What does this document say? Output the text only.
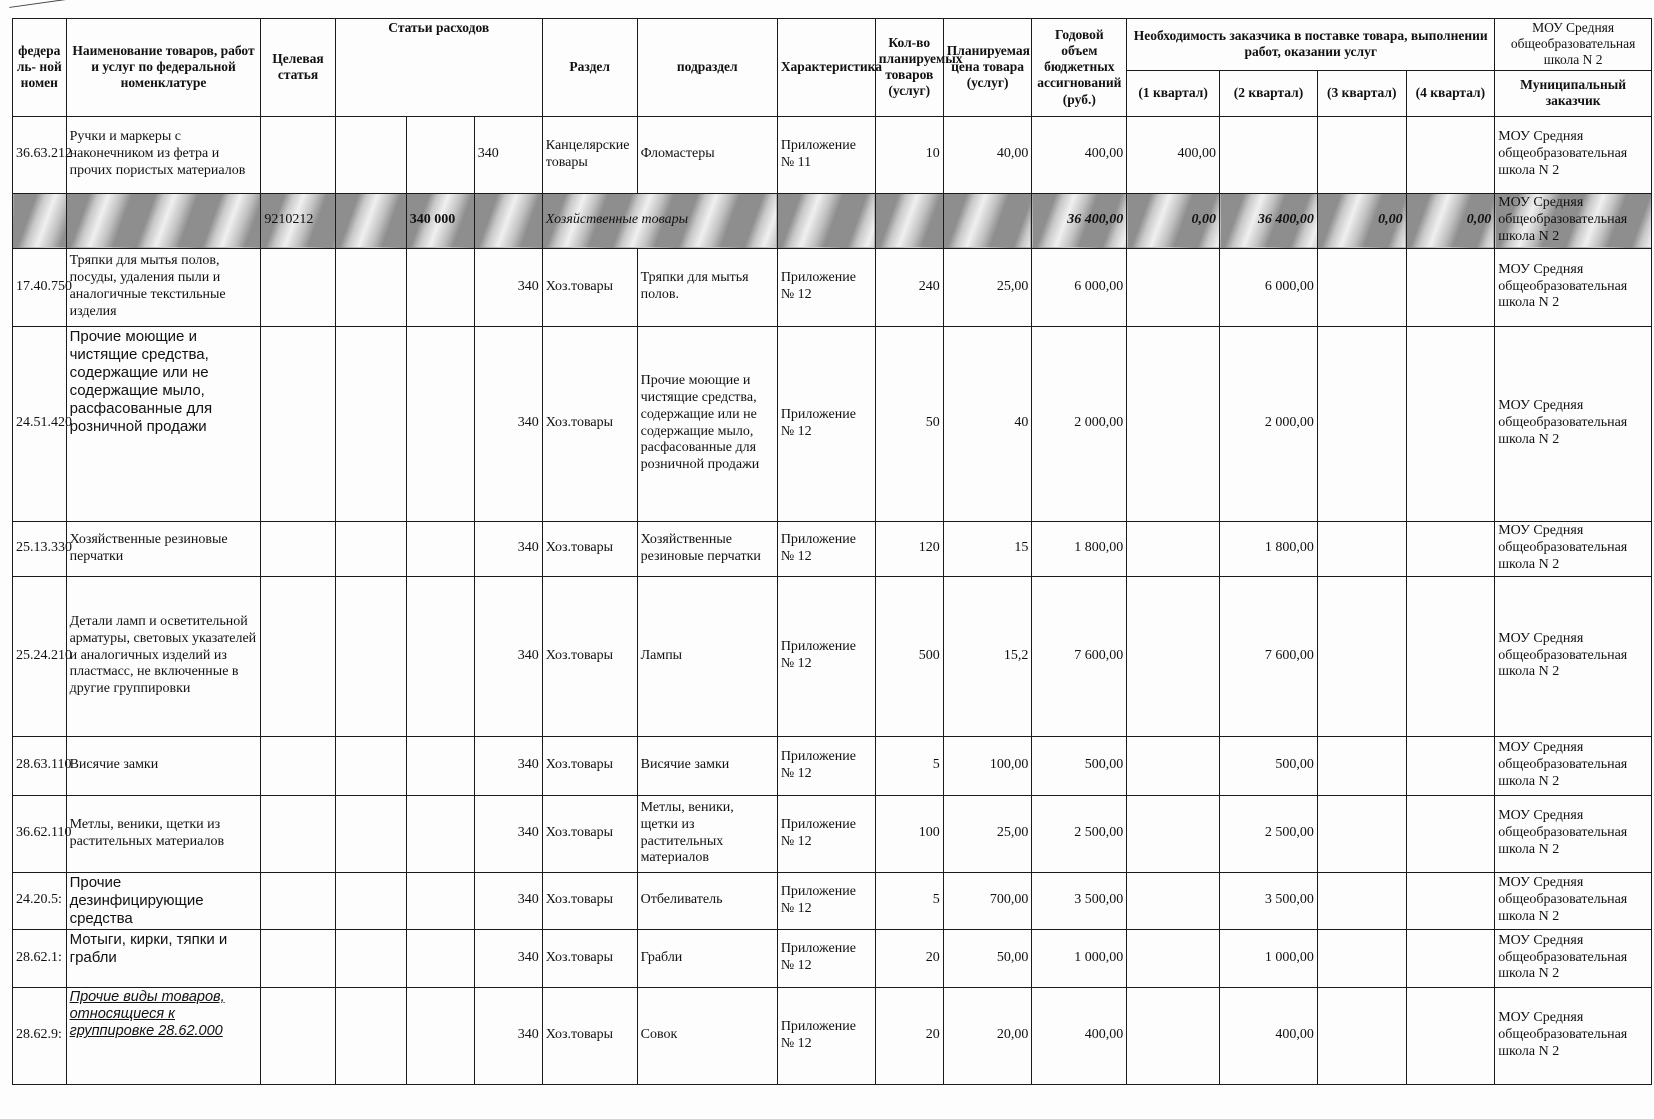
федера ль- ной номен	Наименование товаров, работ и услуг по федеральной номенклатуре	Целевая статья	Статьи расходов			Раздел	подраздел	Характеристика	Кол-во планируемых товаров (услуг)	Планируемая цена товара (услуг)	Годовой объем бюджетных ассигнований (руб.)	Необходимость заказчика в поставке товара, выполнении работ, оказании услуг				МОУ Средняя общеобразовательная школа N 2
												(1 квартал)	(2 квартал)	(3 квартал)	(4 квартал)	Муниципальный заказчик
36.63.212	Ручки и маркеры с наконечником из фетра и прочих пористых материалов				340	Канцелярские товары	Фломастеры	Приложение № 11	10	40,00	400,00	400,00				МОУ Средняя общеобразовательная школа N 2
		9210212		340 000		Хозяйственные товары					36 400,00	0,00	36 400,00	0,00	0,00	МОУ Средняя общеобразовательная школа N 2
17.40.750	Тряпки для мытья полов, посуды, удаления пыли и аналогичные текстильные изделия				340	Хоз.товары	Тряпки для мытья полов.	Приложение № 12	240	25,00	6 000,00		6 000,00			МОУ Средняя общеобразовательная школа N 2
24.51.420	Прочие моющие и чистящие средства, содержащие или не содержащие мыло, расфасованные для розничной продажи				340	Хоз.товары	Прочие моющие и чистящие средства, содержащие или не содержащие мыло, расфасованные для розничной продажи	Приложение № 12	50	40	2 000,00		2 000,00			МОУ Средняя общеобразовательная школа N 2
25.13.330	Хозяйственные резиновые перчатки				340	Хоз.товары	Хозяйственные резиновые перчатки	Приложение № 12	120	15	1 800,00		1 800,00			МОУ Средняя общеобразовательная школа N 2
25.24.210	Детали ламп и осветительной арматуры, световых указателей и аналогичных изделий из пластмасс, не включенные в другие группировки				340	Хоз.товары	Лампы	Приложение № 12	500	15,2	7 600,00		7 600,00			МОУ Средняя общеобразовательная школа N 2
28.63.110	Висячие замки				340	Хоз.товары	Висячие замки	Приложение № 12	5	100,00	500,00		500,00			МОУ Средняя общеобразовательная школа N 2
36.62.110	Метлы, веники, щетки из растительных материалов				340	Хоз.товары	Метлы, веники, щетки из растительных материалов	Приложение № 12	100	25,00	2 500,00		2 500,00			МОУ Средняя общеобразовательная школа N 2
24.20.5:	Прочие дезинфицирующие средства				340	Хоз.товары	Отбеливатель	Приложение № 12	5	700,00	3 500,00		3 500,00			МОУ Средняя общеобразовательная школа N 2
28.62.1:	Мотыги, кирки, тяпки и грабли				340	Хоз.товары	Грабли	Приложение № 12	20	50,00	1 000,00		1 000,00			МОУ Средняя общеобразовательная школа N 2
28.62.9:	Прочие виды товаров, относящиеся к группировке 28.62.000				340	Хоз.товары	Совок	Приложение № 12	20	20,00	400,00		400,00			МОУ Средняя общеобразовательная школа N 2
